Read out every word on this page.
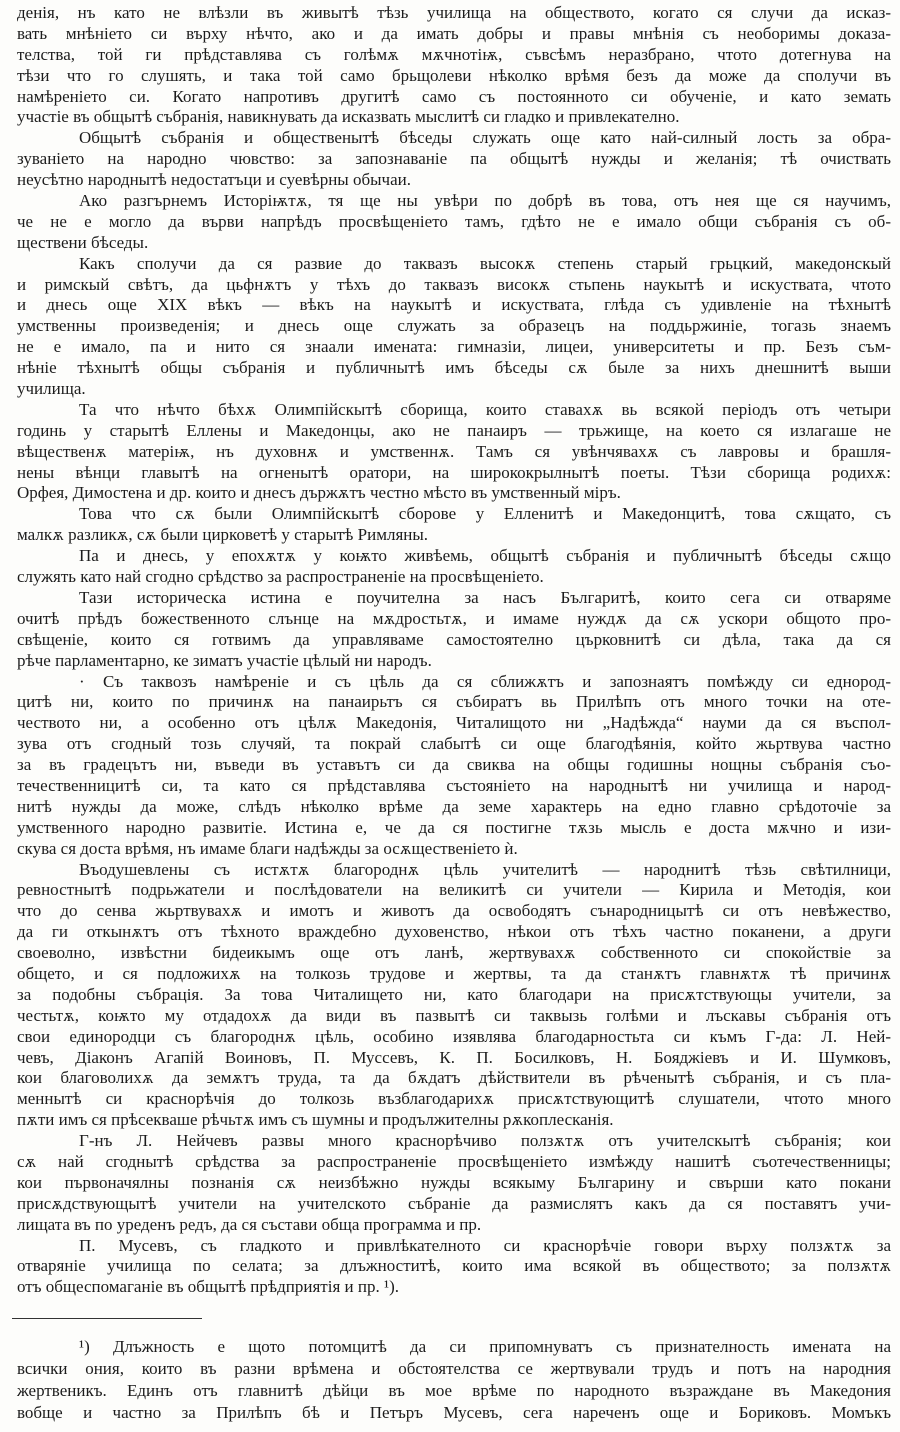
денія, нъ като не влѣзли въ живытѣ тѣзь училища на обществото, когато ся случи да исказ-
вать мнѣніето си върху нѣчто, ако и да имать добры и правы мнѣнія съ необоримы доказа-
телства, той ги прѣдставлява съ голѣмѫ мѫчнотіѭ, съвсѣмъ неразбрано, чтото дотегнува на
тѣзи что го слушять, и така той само брьщолеви нѣколко врѣмя безъ да може да сполучи въ
намѣреніето си. Когато напротивъ другитѣ само съ постоянното си обученіе, и като земать
участіе въ общытѣ събранія, навикнувать да исказвать мыслитѣ си гладко и привлекателно.
Общытѣ събранія и общественытѣ бѣседы служать още като най-силный лость за обра-
зуваніето на народно чювство: за запознаваніе па общытѣ нужды и желанія; тѣ очиствать
неусѣтно народнытѣ недостатъци и суевѣрны обычаи.
Ако разгърнемъ Исторіѭтѫ, тя ще ны увѣри по добрѣ въ това, отъ нея ще ся научимъ,
че не е могло да върви напрѣдъ просвѣщеніето тамъ, гдѣто не е имало общи събранія съ об-
ществени бѣседы.
Какъ сполучи да ся развие до таквазъ высокѫ степень старый грьцкий, македонскый
и римскый свѣтъ, да цьфнѫтъ у тѣхъ до таквазъ високѫ стьпень наукытѣ и искуствата, чтото
и днесь още XIX вѣкъ — вѣкъ на наукытѣ и искуствата, глѣда съ удивленіе на тѣхнытѣ
умственны произведенія; и днесь още служать за образецъ на поддьржиніе, тогазь знаемъ
не е имало, па и нито ся знаали имената: гимназіи, лицеи, университеты и пр. Безъ съм-
нѣніе тѣхнытѣ общы събранія и публичнытѣ имъ бѣседы сѫ быле за нихъ днешнитѣ выши
училища.
Та что нѣчто бѣхѫ Олимпійскытѣ сборища, които ставахѫ вь всякой періодъ отъ четыри
годинь у старытѣ Еллены и Македонцы, ако не панаиръ — трьжище, на което ся излагаше не
вѣщественѫ матеріѭ, нъ духовнѫ и умственнѫ. Тамъ ся увѣнчявахѫ съ лавровы и брашля-
нены вѣнци главытѣ на огненытѣ оратори, на ширококрылнытѣ поеты. Тѣзи сборища родихѫ:
Орфея, Димостена и др. които и днесъ държѫтъ честно мѣсто въ умственный міръ.
Това что сѫ были Олимпійскытѣ сборове у Елленитѣ и Македонцитѣ, това сѫщато, съ
малкѫ разликѫ, сѫ были цирковетѣ у старытѣ Римляны.
Па и днесь, у епохѫтѫ у коѭто живѣемь, общытѣ събранія и публичнытѣ бѣседы сѫщо
служять като най сгодно срѣдство за распространеніе на просвѣщеніето.
Тази историческа истина е поучителна за насъ Българитѣ, които сега си отваряме
очитѣ прѣдъ божественното слънце на мѫдростьтѫ, и имаме нуждѫ да сѫ ускори общото про-
свѣщеніе, които ся готвимъ да управляваме самостоятелно църковнитѣ си дѣла, така да ся
рѣче парламентарно, ке зиматъ участіе цѣлый ни народъ.
· Съ таквозъ намѣреніе и съ цѣль да ся сближѫтъ и запознаятъ помѣжду си еднород-
цитѣ ни, които по причинѫ на панаирьтъ ся събиратъ вь Прилѣпъ отъ много точки на оте-
чеството ни, а особенно отъ цѣлѫ Македонія, Читалищото ни „Надѣжда“ науми да ся въспол-
зува отъ сгодный тозь случяй, та покрай слабытѣ си още благодѣянія, който жьртвува частно
за въ градецътъ ни, въведи въ уставътъ си да свиква на общы годишны нощны събранія съо-
течественницитѣ си, та като ся прѣдставлява състоянiето на народнытѣ ни училища и народ-
нитѣ нужды да може, слѣдъ нѣколко врѣме да земе характерь на едно главно срѣдоточіе за
умственного народно развитіе. Истина е, че да ся постигне тѫзь мысль е доста мѫчно и изи-
скува ся доста врѣмя, нъ имаме благи надѣжды за осѫщественіето ѝ.
Въодушевлены съ истѫтѫ благороднѫ цѣль учителитѣ — народнитѣ тѣзь свѣтилници,
ревностнытѣ подрьжатели и послѣдователи на великитѣ си учители — Кирила и Методія, кои
что до сенва жьртвувахѫ и имотъ и животъ да освободятъ сънародницытѣ си отъ невѣжество,
да ги откынѫтъ отъ тѣхното враждебно духовенство, нѣкои отъ тѣхъ частно поканени, а други
своеволно, извѣстни бидеикымъ още отъ ланѣ, жертвувахѫ собственното си спокойствіе за
общето, и ся подложихѫ на толкозь трудове и жертвы, та да станѫтъ главнѫтѫ тѣ причинѫ
за подобны събрація. За това Читалището ни, като благодари на присѫтствующы учители, за
честьтѫ, коѭто му отдадохѫ да види въ пазвытѣ си таквызь голѣми и лъскавы събранія отъ
свои единородци съ благороднѫ цѣль, особино изявлява благодарностьта си къмъ Г-да: Л. Ней-
чевъ, Діаконъ Агапій Воиновъ, П. Муссевъ, К. П. Босилковъ, Н. Бояджіевъ и И. Шумковъ,
кои благоволихѫ да земѫтъ труда, та да бѫдатъ дѣйствители въ рѣченытѣ събранія, и съ пла-
меннытѣ си краснорѣчія до толкозь възблагодарихѫ присѫтствующитѣ слушатели, чтото много
пѫти имъ ся прѣсекваше рѣчьтѫ имъ съ шумны и продължителны рѫкоплесканія.
Г-нъ Л. Нейчевъ развы много краснорѣчиво ползѫтѫ отъ учителскытѣ събранія; кои
сѫ най сгоднытѣ срѣдства за распространеніе просвѣщеніето измѣжду нашитѣ съотечественницы;
кои първоначялны познанія сѫ неизбѣжно нужды всякыму Българину и свърши като покани
присѫдствующытѣ учители на учителското събраніе да размислятъ какъ да ся поставятъ учи-
лищата въ по уреденъ редъ, да ся състави обща программа и пр.
П. Мусевъ, съ гладкото и привлѣкателното си краснорѣчіе говори върху ползѫтѫ за
отваряніе училища по селата; за длъжноститѣ, които има всякой въ обществото; за ползѫтѫ
отъ общеспомаганіе въ общытѣ прѣдприятія и пр. ¹).
¹) Длъжность е щото потомцитѣ да си припомнуватъ съ признателность имената на
всички ония, които въ разни врѣмена и обстоятелства се жертвували трудъ и потъ на народния
жертвеникъ. Единъ отъ главнитѣ дѣйци въ мое врѣме по народното възраждане въ Македония
вобще и частно за Прилѣпъ бѣ и Петъръ Мусевъ, сега нареченъ още и Бориковъ. Момъкъ
